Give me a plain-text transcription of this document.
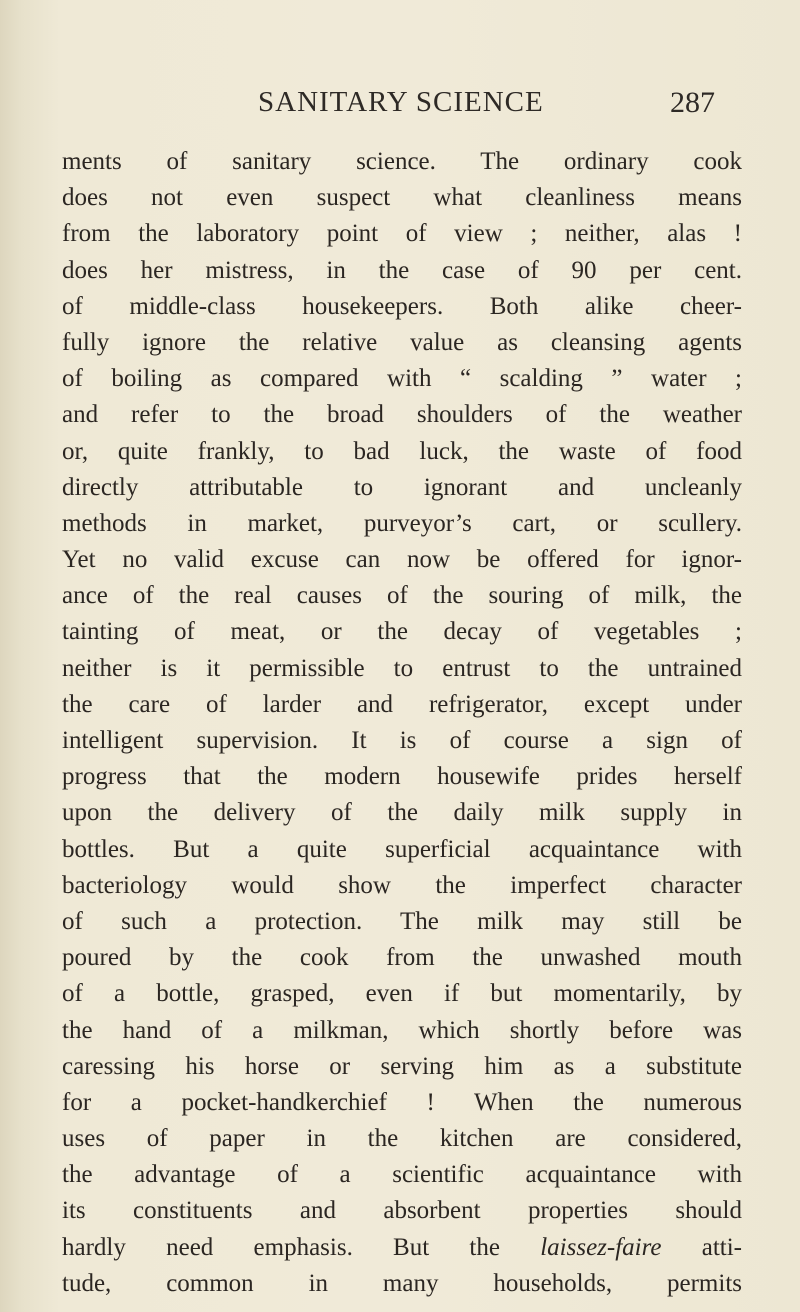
SANITARY SCIENCE	287
ments of sanitary science. The ordinary cook
does not even suspect what cleanliness means
from the laboratory point of view ; neither, alas !
does her mistress, in the case of 90 per cent.
of middle-class housekeepers. Both alike cheer-
fully ignore the relative value as cleansing agents
of boiling as compared with “ scalding ” water ;
and refer to the broad shoulders of the weather
or, quite frankly, to bad luck, the waste of food
directly attributable to ignorant and uncleanly
methods in market, purveyor’s cart, or scullery.
Yet no valid excuse can now be offered for ignor-
ance of the real causes of the souring of milk, the
tainting of meat, or the decay of vegetables ;
neither is it permissible to entrust to the untrained
the care of larder and refrigerator, except under
intelligent supervision. It is of course a sign of
progress that the modern housewife prides herself
upon the delivery of the daily milk supply in
bottles. But a quite superficial acquaintance with
bacteriology would show the imperfect character
of such a protection. The milk may still be
poured by the cook from the unwashed mouth
of a bottle, grasped, even if but momentarily, by
the hand of a milkman, which shortly before was
caressing his horse or serving him as a substitute
for a pocket-handkerchief ! When the numerous
uses of paper in the kitchen are considered,
the advantage of a scientific acquaintance with
its constituents and absorbent properties should
hardly need emphasis. But the laissez-faire atti-
tude, common in many households, permits
